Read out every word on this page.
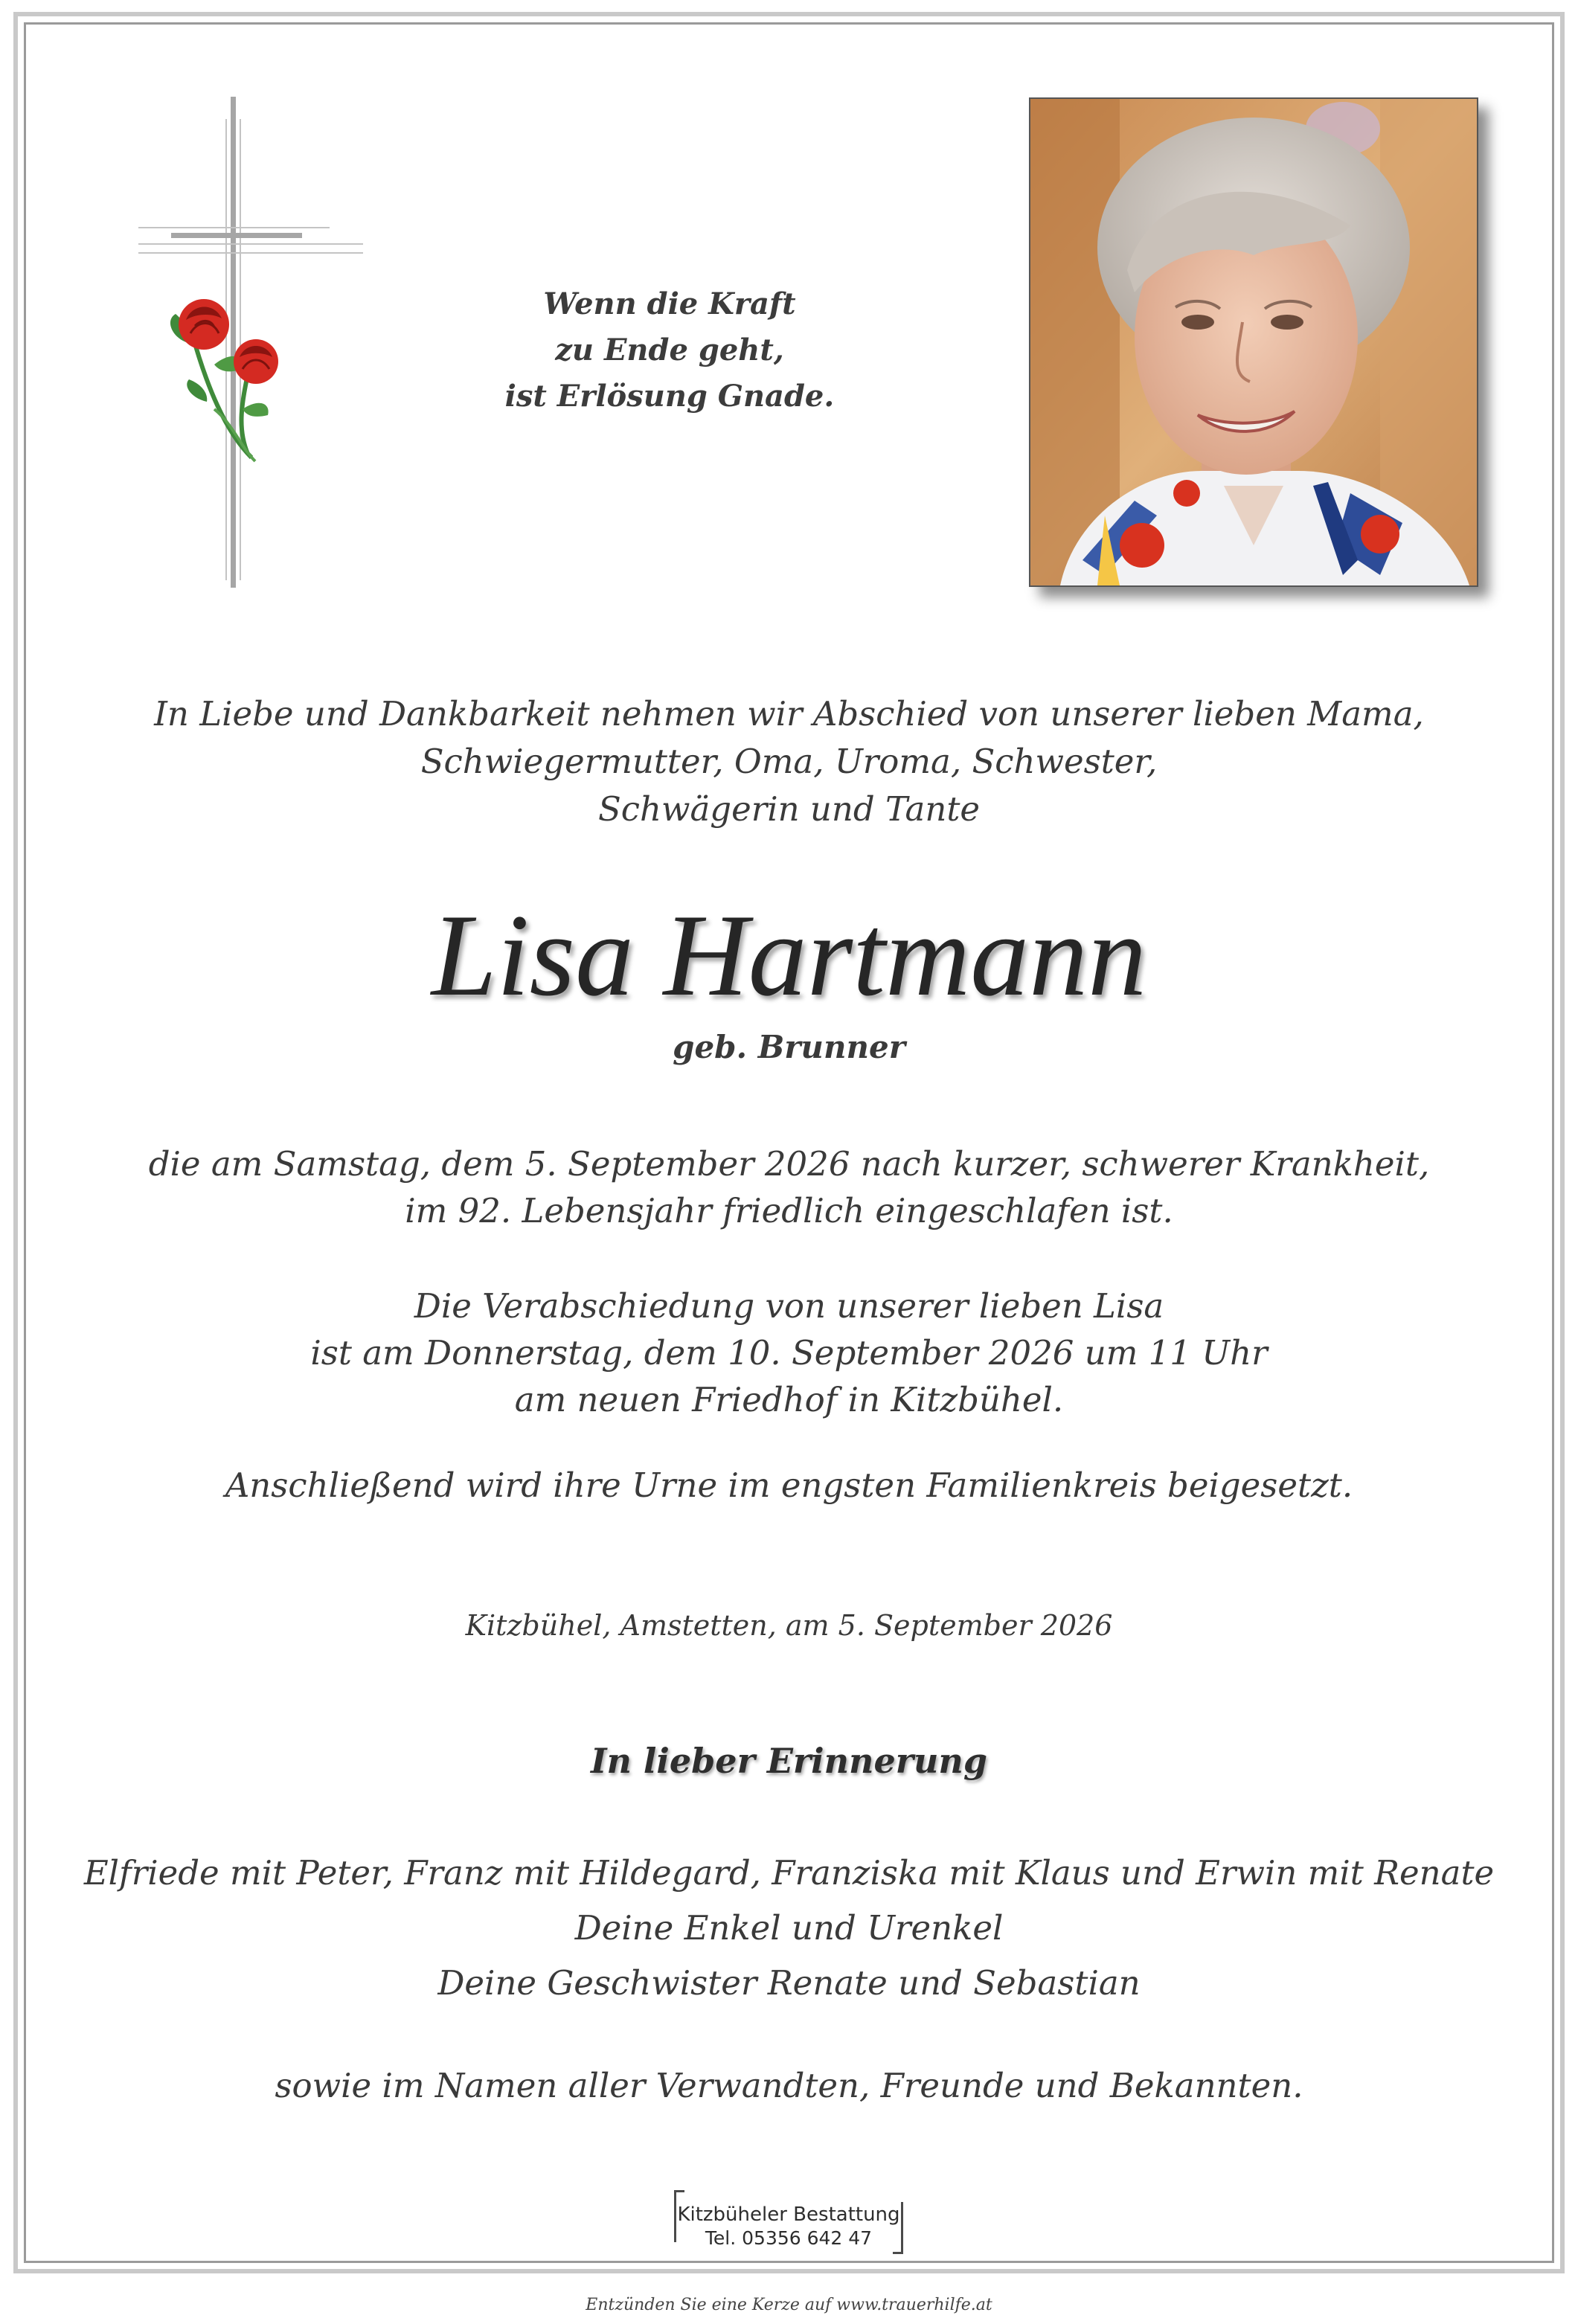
Wenn die Kraft
zu Ende geht,
ist Erlösung Gnade.
In Liebe und Dankbarkeit nehmen wir Abschied von unserer lieben Mama,
Schwiegermutter, Oma, Uroma, Schwester,
Schwägerin und Tante
Lisa Hartmann
geb. Brunner
die am Samstag, dem 5. September 2026 nach kurzer, schwerer Krankheit,
im 92. Lebensjahr friedlich eingeschlafen ist.
Die Verabschiedung von unserer lieben Lisa
ist am Donnerstag, dem 10. September 2026 um 11 Uhr
am neuen Friedhof in Kitzbühel.
Anschließend wird ihre Urne im engsten Familienkreis beigesetzt.
Kitzbühel, Amstetten, am 5. September 2026
In lieber Erinnerung
Elfriede mit Peter, Franz mit Hildegard, Franziska mit Klaus und Erwin mit Renate
Deine Enkel und Urenkel
Deine Geschwister Renate und Sebastian
sowie im Namen aller Verwandten, Freunde und Bekannten.
Kitzbüheler Bestattung
Tel. 05356 642 47
Entzünden Sie eine Kerze auf www.trauerhilfe.at
